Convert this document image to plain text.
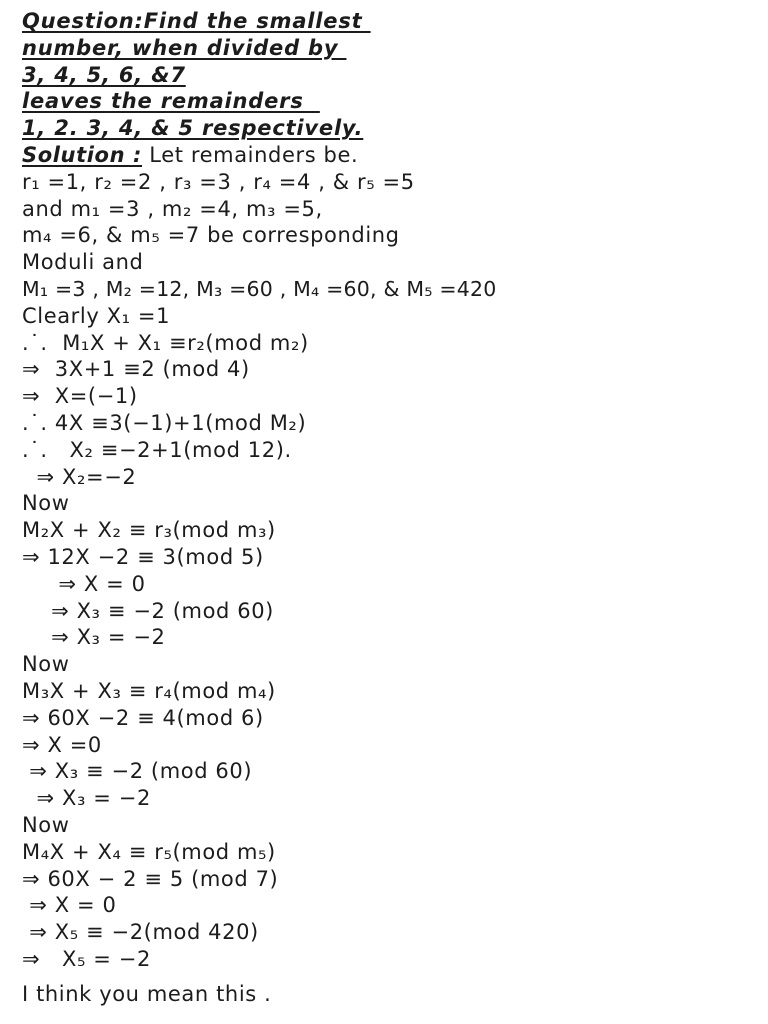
Question:Find the smallest
number, when divided by
3, 4, 5, 6, &7
leaves the remainders
1, 2. 3, 4, & 5 respectively.
Solution : Let remainders be.
r₁ =1, r₂ =2 , r₃ =3 , r₄ =4 , & r₅ =5
and m₁ =3 , m₂ =4, m₃ =5,
m₄ =6, & m₅ =7 be corresponding
Moduli and
M₁ =3 , M₂ =12, M₃ =60 , M₄ =60, & M₅ =420
Clearly X₁ =1
.˙.  M₁X + X₁ ≡r₂(mod m₂)
⇒  3X+1 ≡2 (mod 4)
⇒  X=(−1)
.˙. 4X ≡3(−1)+1(mod M₂)
.˙.   X₂ ≡−2+1(mod 12).
⇒ X₂=−2
Now
M₂X + X₂ ≡ r₃(mod m₃)
⇒ 12X −2 ≡ 3(mod 5)
⇒ X = 0
⇒ X₃ ≡ −2 (mod 60)
⇒ X₃ = −2
Now
M₃X + X₃ ≡ r₄(mod m₄)
⇒ 60X −2 ≡ 4(mod 6)
⇒ X =0
⇒ X₃ ≡ −2 (mod 60)
⇒ X₃ = −2
Now
M₄X + X₄ ≡ r₅(mod m₅)
⇒ 60X − 2 ≡ 5 (mod 7)
⇒ X = 0
⇒ X₅ ≡ −2(mod 420)
⇒   X₅ = −2
I think you mean this .
